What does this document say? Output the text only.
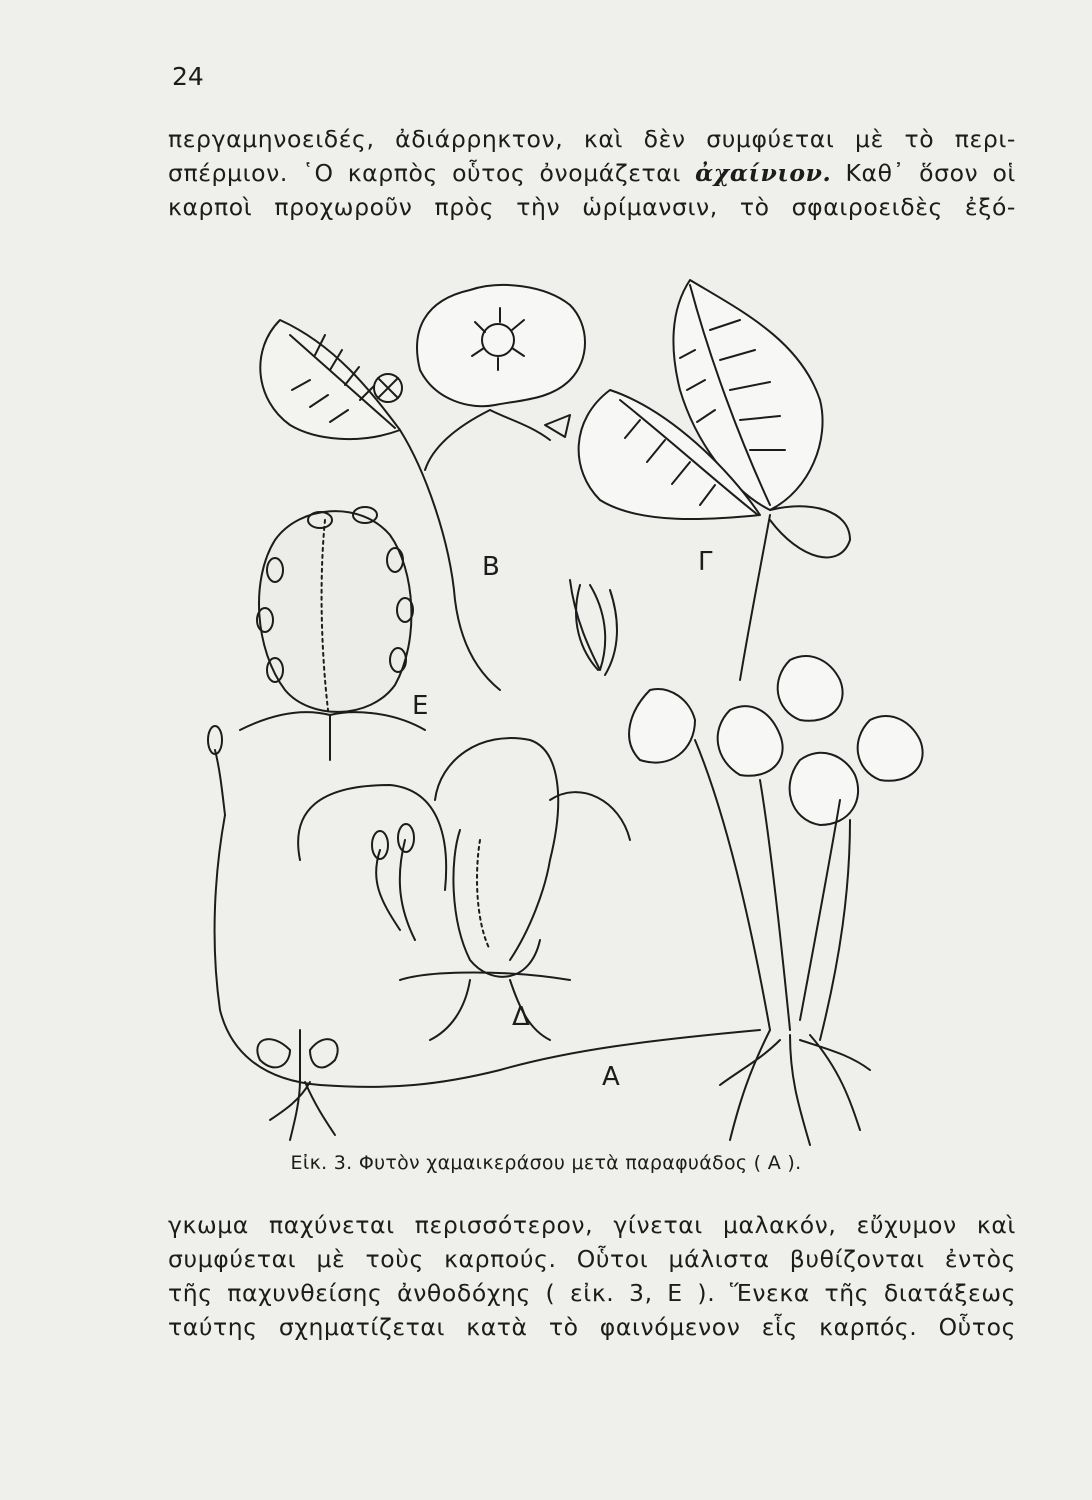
24
περγαμηνοειδές, ἀδιάρρηκτον, καὶ δὲν συμφύεται μὲ τὸ περι-
σπέρμιον. ῾Ο καρπὸς οὗτος ὀνομάζεται ἀχαίνιον. Καθ᾿ ὅσον οἱ
καρποὶ προχωροῦν πρὸς τὴν ὡρίμανσιν, τὸ σφαιροειδὲς ἐξό-
B	Γ
E
Δ
A
Εἰκ. 3. Φυτὸν χαμαικεράσου μετὰ παραφυάδος ( A ).
γκωμα παχύνεται περισσότερον, γίνεται μαλακόν, εὔχυμον καὶ
συμφύεται μὲ τοὺς καρπούς. Οὗτοι μάλιστα βυθίζονται ἐντὸς
τῆς παχυνθείσης ἀνθοδόχης ( εἰκ. 3, E ). Ἕνεκα τῆς διατάξεως
ταύτης σχηματίζεται κατὰ τὸ φαινόμενον εἷς καρπός. Οὗτος
